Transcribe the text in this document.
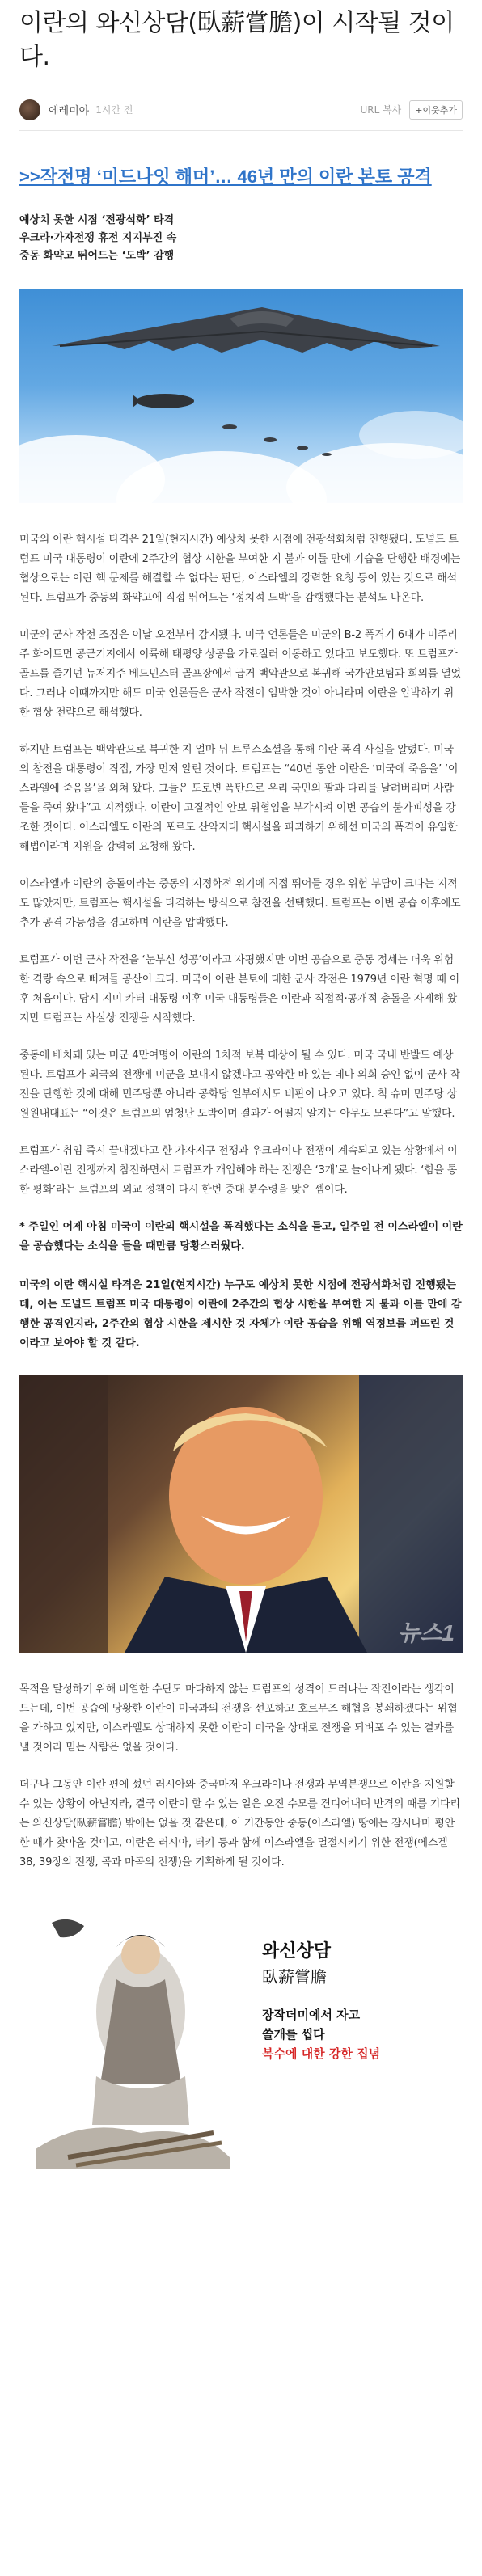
이란의 와신상담(臥薪嘗膽)이 시작될 것이다.
에레미야 1시간 전	URL 복사	+이웃추가
>>작전명 ‘미드나잇 해머’… 46년 만의 이란 본토 공격
예상치 못한 시점 ‘전광석화’ 타격
우크라·가자전쟁 휴전 지지부진 속
중동 화약고 뛰어드는 ‘도박’ 감행

미국의 이란 핵시설 타격은 21일(현지시간) 예상치 못한 시점에 전광석화처럼 진행됐다. 도널드 트럼프 미국 대통령이 이란에 2주간의 협상 시한을 부여한 지 불과 이틀 만에 기습을 단행한 배경에는 협상으로는 이란 핵 문제를 해결할 수 없다는 판단, 이스라엘의 강력한 요청 등이 있는 것으로 해석된다. 트럼프가 중동의 화약고에 직접 뛰어드는 ‘정치적 도박’을 감행했다는 분석도 나온다.

미군의 군사 작전 조짐은 이날 오전부터 감지됐다. 미국 언론들은 미군의 B-2 폭격기 6대가 미주리주 화이트먼 공군기지에서 이륙해 태평양 상공을 가로질러 이동하고 있다고 보도했다. 또 트럼프가 골프를 즐기던 뉴저지주 베드민스터 골프장에서 급거 백악관으로 복귀해 국가안보팀과 회의를 열었다. 그러나 이때까지만 해도 미국 언론들은 군사 작전이 임박한 것이 아니라며 이란을 압박하기 위한 협상 전략으로 해석했다.

하지만 트럼프는 백악관으로 복귀한 지 얼마 뒤 트루스소셜을 통해 이란 폭격 사실을 알렸다. 미국의 참전을 대통령이 직접, 가장 먼저 알린 것이다. 트럼프는 “40년 동안 이란은 ‘미국에 죽음을’ ‘이스라엘에 죽음을’을 외쳐 왔다. 그들은 도로변 폭탄으로 우리 국민의 팔과 다리를 날려버리며 사람들을 죽여 왔다”고 지적했다. 이란이 고질적인 안보 위협임을 부각시켜 이번 공습의 불가피성을 강조한 것이다. 이스라엘도 이란의 포르도 산악지대 핵시설을 파괴하기 위해선 미국의 폭격이 유일한 해법이라며 지원을 강력히 요청해 왔다.

이스라엘과 이란의 충돌이라는 중동의 지정학적 위기에 직접 뛰어들 경우 위험 부담이 크다는 지적도 많았지만, 트럼프는 핵시설을 타격하는 방식으로 참전을 선택했다. 트럼프는 이번 공습 이후에도 추가 공격 가능성을 경고하며 이란을 압박했다.

트럼프가 이번 군사 작전을 ‘눈부신 성공’이라고 자평했지만 이번 공습으로 중동 정세는 더욱 위험한 격랑 속으로 빠져들 공산이 크다. 미국이 이란 본토에 대한 군사 작전은 1979년 이란 혁명 때 이후 처음이다. 당시 지미 카터 대통령 이후 미국 대통령들은 이란과 직접적·공개적 충돌을 자제해 왔지만 트럼프는 사실상 전쟁을 시작했다.

중동에 배치돼 있는 미군 4만여명이 이란의 1차적 보복 대상이 될 수 있다. 미국 국내 반발도 예상된다. 트럼프가 외국의 전쟁에 미군을 보내지 않겠다고 공약한 바 있는 데다 의회 승인 없이 군사 작전을 단행한 것에 대해 민주당뿐 아니라 공화당 일부에서도 비판이 나오고 있다. 척 슈머 민주당 상원원내대표는 “이것은 트럼프의 엄청난 도박이며 결과가 어떨지 알지는 아무도 모른다”고 말했다.

트럼프가 취임 즉시 끝내겠다고 한 가자지구 전쟁과 우크라이나 전쟁이 계속되고 있는 상황에서 이스라엘-이란 전쟁까지 참전하면서 트럼프가 개입해야 하는 전쟁은 ‘3개’로 늘어나게 됐다. ‘힘을 통한 평화’라는 트럼프의 외교 정책이 다시 한번 중대 분수령을 맞은 셈이다.

* 주일인 어제 아침 미국이 이란의 핵시설을 폭격했다는 소식을 듣고, 일주일 전 이스라엘이 이란을 공습했다는 소식을 들을 때만큼 당황스러웠다.

미국의 이란 핵시설 타격은 21일(현지시간) 누구도 예상치 못한 시점에 전광석화처럼 진행됐는데, 이는 도널드 트럼프 미국 대통령이 이란에 2주간의 협상 시한을 부여한 지 불과 이틀 만에 감행한 공격인지라, 2주간의 협상 시한을 제시한 것 자체가 이란 공습을 위해 역정보를 퍼뜨린 것이라고 보아야 할 것 같다.

뉴스1

목적을 달성하기 위해 비열한 수단도 마다하지 않는 트럼프의 성격이 드러나는 작전이라는 생각이 드는데, 이번 공습에 당황한 이란이 미국과의 전쟁을 선포하고 호르무즈 해협을 봉쇄하겠다는 위협을 가하고 있지만, 이스라엘도 상대하지 못한 이란이 미국을 상대로 전쟁을 되벼포 수 있는 결과를 낼 것이라 믿는 사람은 없을 것이다.

더구나 그동안 이란 편에 섰던 러시아와 중국마저 우크라이나 전쟁과 무역분쟁으로 이란을 지원할 수 있는 상황이 아닌지라, 결국 이란이 할 수 있는 일은 오진 수모를 견디어내며 반격의 때를 기다리는 와신상담(臥薪嘗膽) 밖에는 없을 것 같은데, 이 기간동안 중동(이스라엘) 땅에는 잠시나마 평안한 때가 찾아올 것이고, 이란은 러시아, 터키 등과 함께 이스라엘을 멸절시키기 위한 전쟁(에스겔 38, 39장의 전쟁, 곡과 마곡의 전쟁)을 기획하게 될 것이다.

와신상담
臥薪嘗膽
장작더미에서 자고
쓸개를 씹다
복수에 대한 강한 집념
